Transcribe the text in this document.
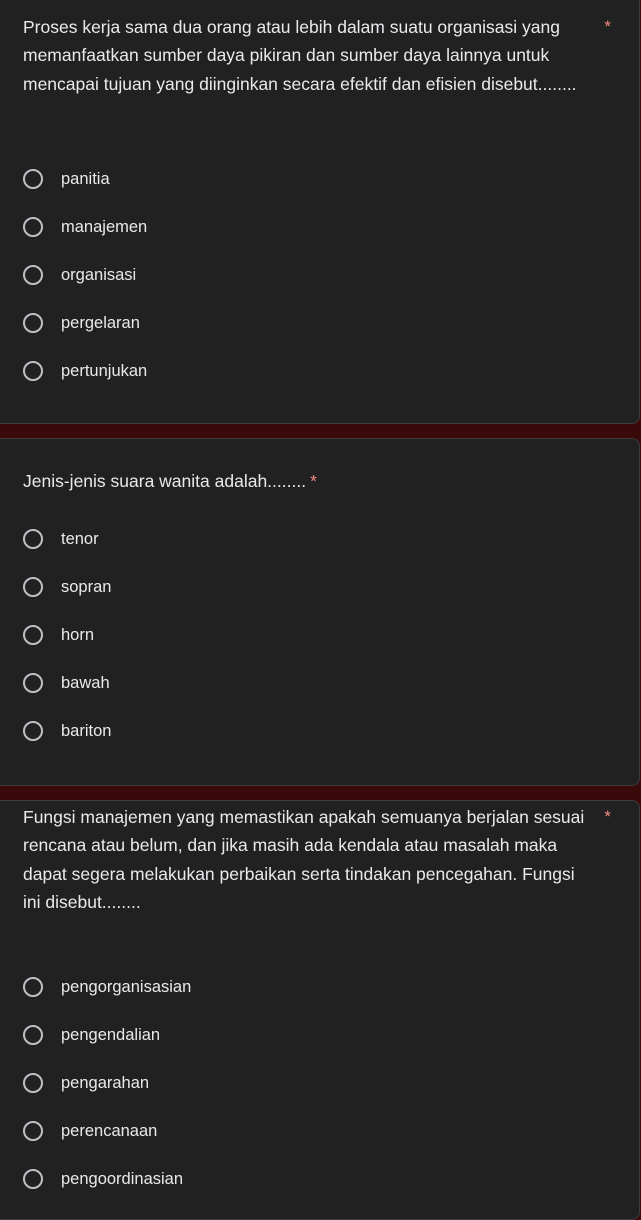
Proses kerja sama dua orang atau lebih dalam suatu organisasi yang memanfaatkan sumber daya pikiran dan sumber daya lainnya untuk mencapai tujuan yang diinginkan secara efektif dan efisien disebut........

*
panitia
manajemen
organisasi
pergelaran
pertunjukan

Jenis-jenis suara wanita adalah........ *

tenor
sopran
horn
bawah
bariton

Fungsi manajemen yang memastikan apakah semuanya berjalan sesuai rencana atau belum, dan jika masih ada kendala atau masalah maka dapat segera melakukan perbaikan serta tindakan pencegahan. Fungsi ini disebut........

*
pengorganisasian
pengendalian
pengarahan
perencanaan
pengoordinasian
